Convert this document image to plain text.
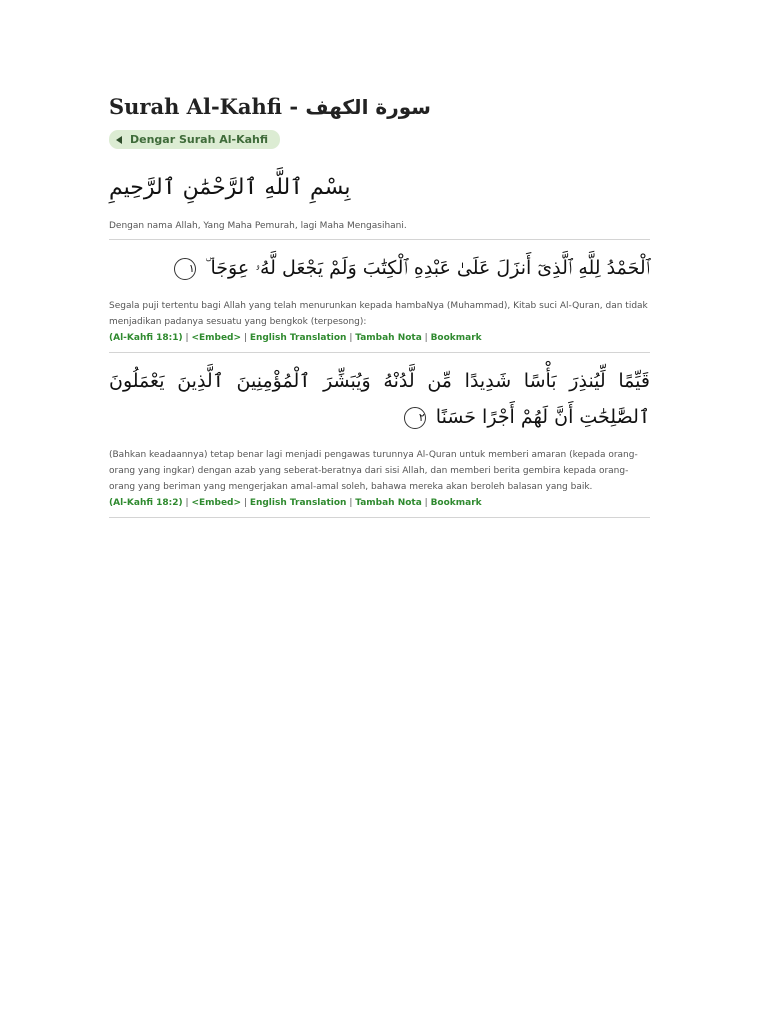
Surah Al-Kahfi - سورة الكهف
Dengar Surah Al-Kahfi
بِسْمِ ٱللَّهِ ٱلرَّحْمَٰنِ ٱلرَّحِيمِ
Dengan nama Allah, Yang Maha Pemurah, lagi Maha Mengasihani.
ٱلْحَمْدُ لِلَّهِ ٱلَّذِىٓ أَنزَلَ عَلَىٰ عَبْدِهِ ٱلْكِتَٰبَ وَلَمْ يَجْعَل لَّهُۥ عِوَجَا ۜ ١
Segala puji tertentu bagi Allah yang telah menurunkan kepada hambaNya (Muhammad), Kitab suci Al-Quran, dan tidak menjadikan padanya sesuatu yang bengkok (terpesong):
(Al-Kahfi 18:1) | <Embed> | English Translation | Tambah Nota | Bookmark
قَيِّمًا لِّيُنذِرَ بَأْسًا شَدِيدًا مِّن لَّدُنْهُ وَيُبَشِّرَ ٱلْمُؤْمِنِينَ ٱلَّذِينَ يَعْمَلُونَ ٱلصَّٰلِحَٰتِ أَنَّ لَهُمْ أَجْرًا حَسَنًا ٢
(Bahkan keadaannya) tetap benar lagi menjadi pengawas turunnya Al-Quran untuk memberi amaran (kepada orang-orang yang ingkar) dengan azab yang seberat-beratnya dari sisi Allah, dan memberi berita gembira kepada orang-orang yang beriman yang mengerjakan amal-amal soleh, bahawa mereka akan beroleh balasan yang baik.
(Al-Kahfi 18:2) | <Embed> | English Translation | Tambah Nota | Bookmark
